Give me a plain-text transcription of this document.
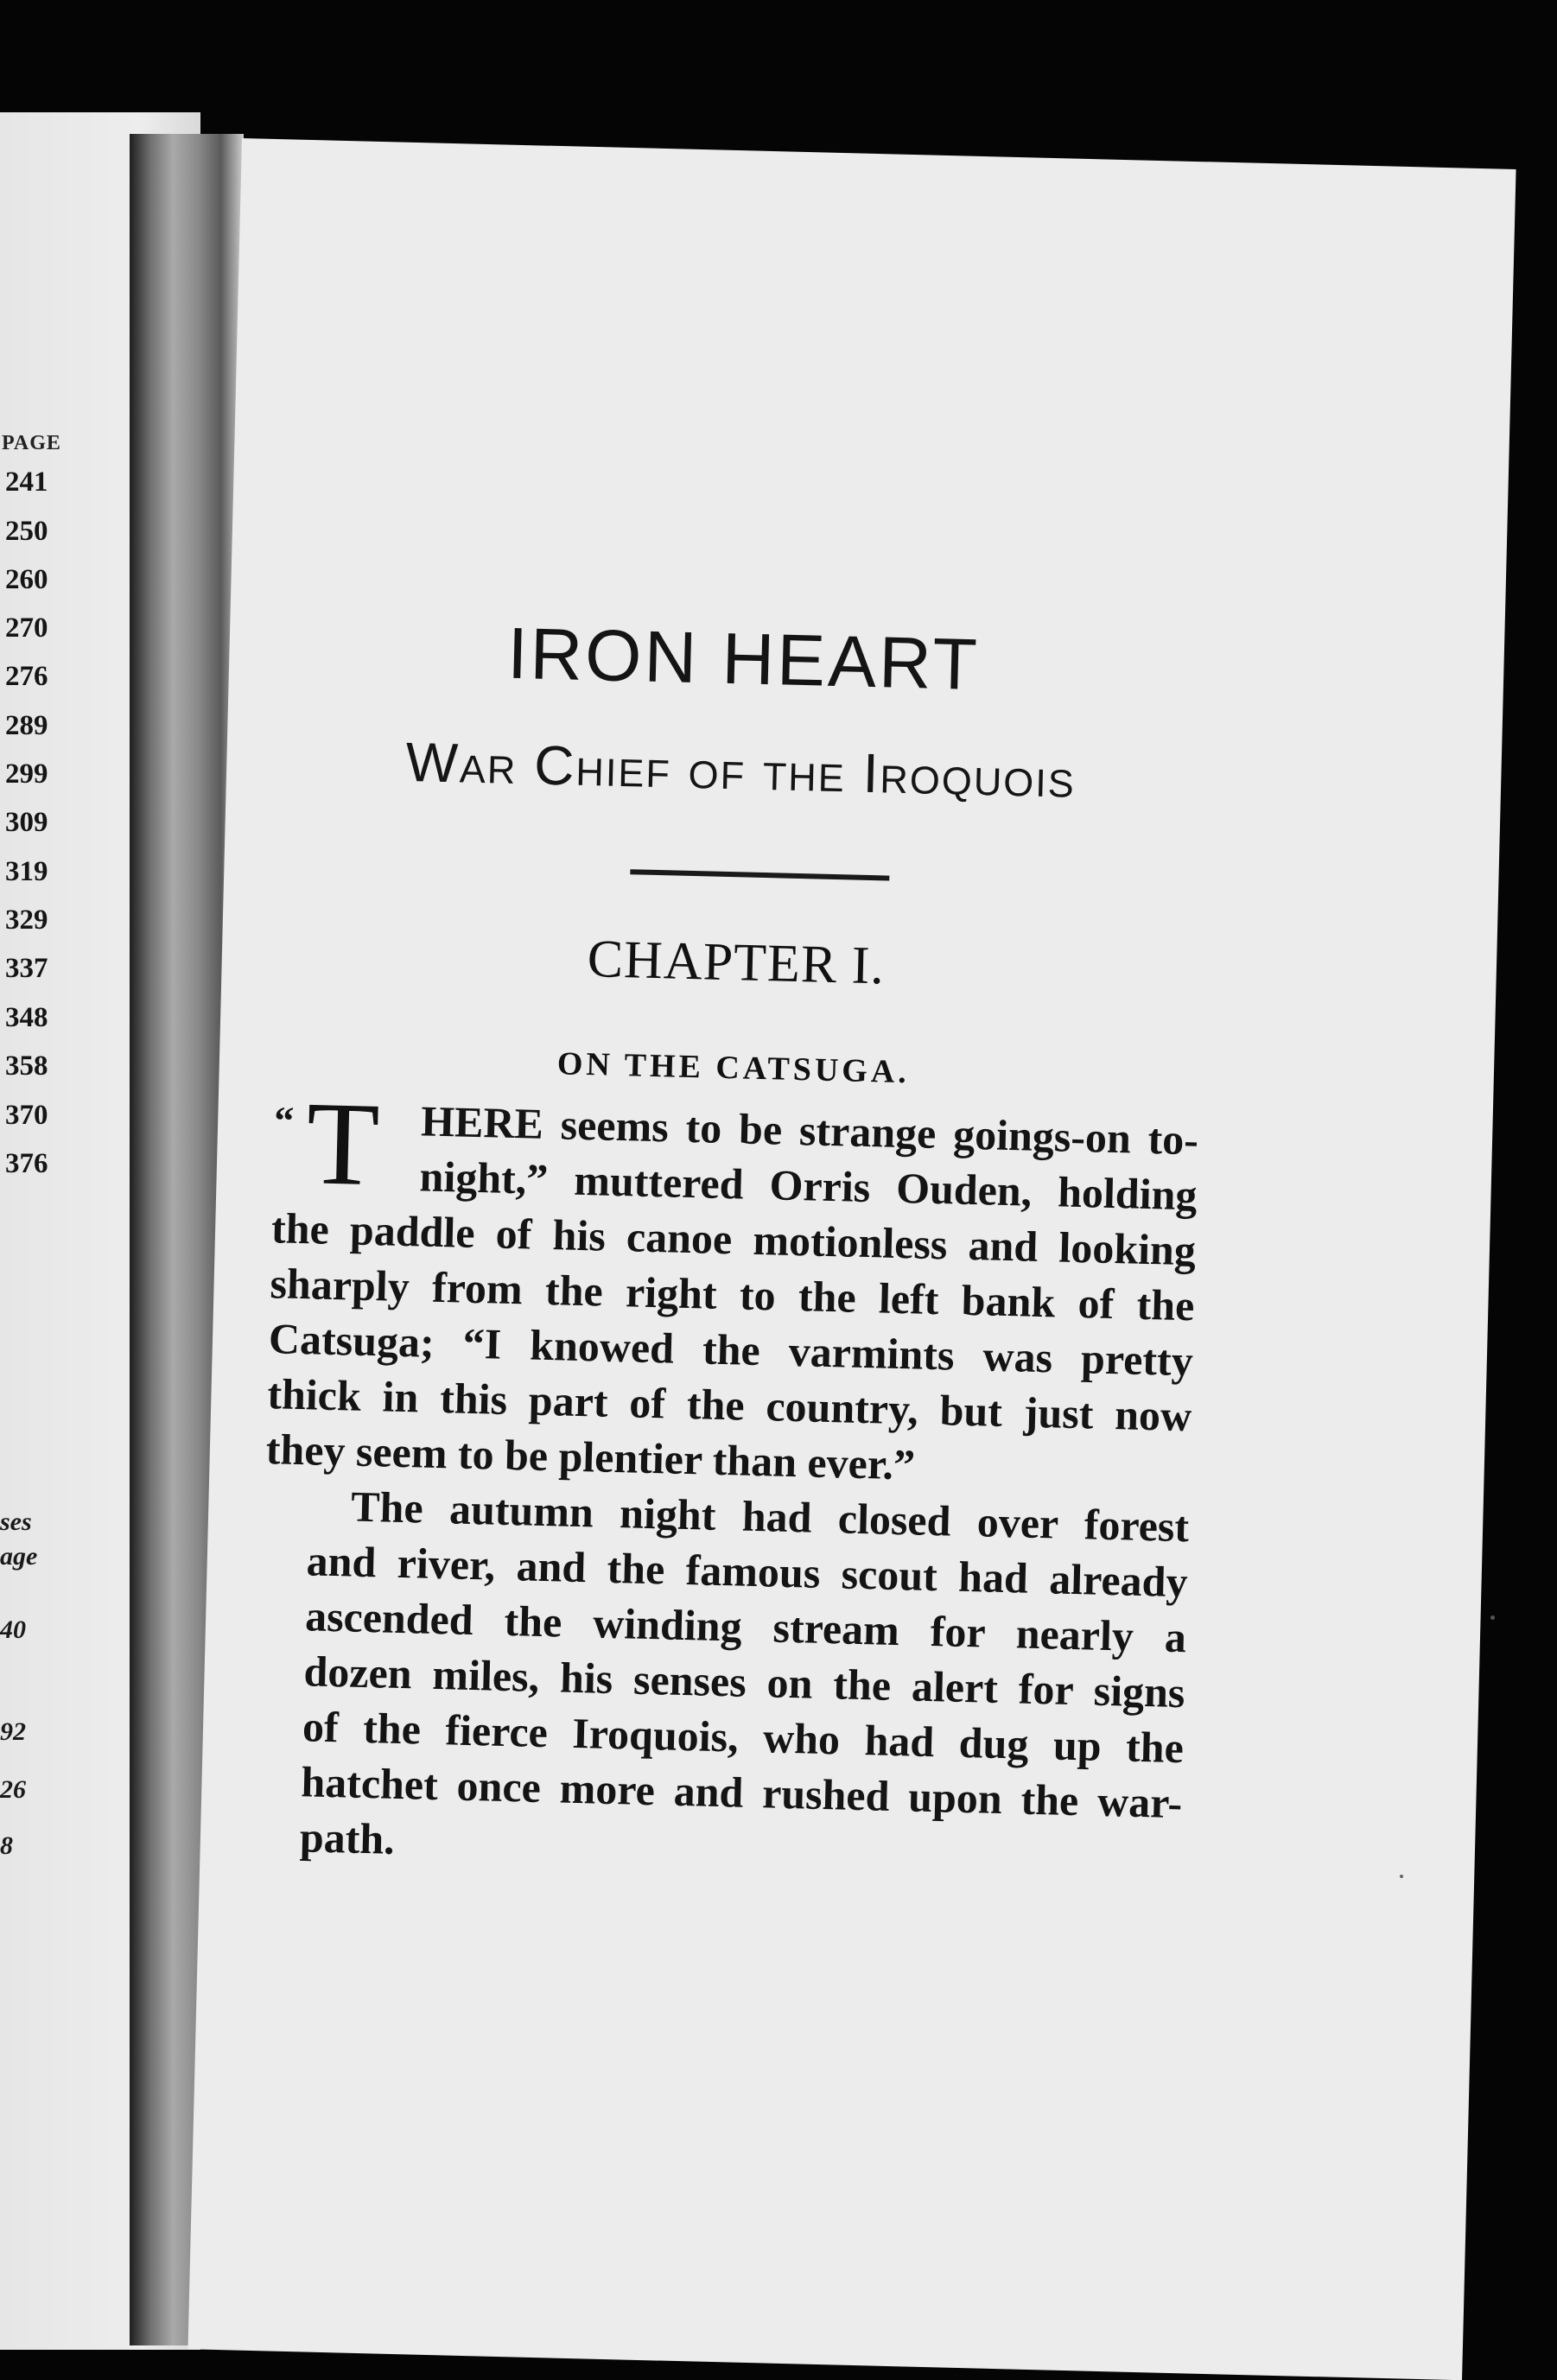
PAGE
241
250
260
270
276
289
299
309
319
329
337
348
358
370
376
ses
age
40
92
26
8
IRON HEART
War Chief of the Iroquois
CHAPTER I.
ON THE CATSUGA.
“ T HERE seems to be strange goings-on to-
night,” muttered Orris Ouden, holding
the paddle of his canoe motionless and looking
sharply from the right to the left bank of the
Catsuga; “I knowed the varmints was pretty
thick in this part of the country, but just now
they seem to be plentier than ever.”
The autumn night had closed over forest
and river, and the famous scout had already
ascended the winding stream for nearly a
dozen miles, his senses on the alert for signs
of the fierce Iroquois, who had dug up the
hatchet once more and rushed upon the war-
path.
